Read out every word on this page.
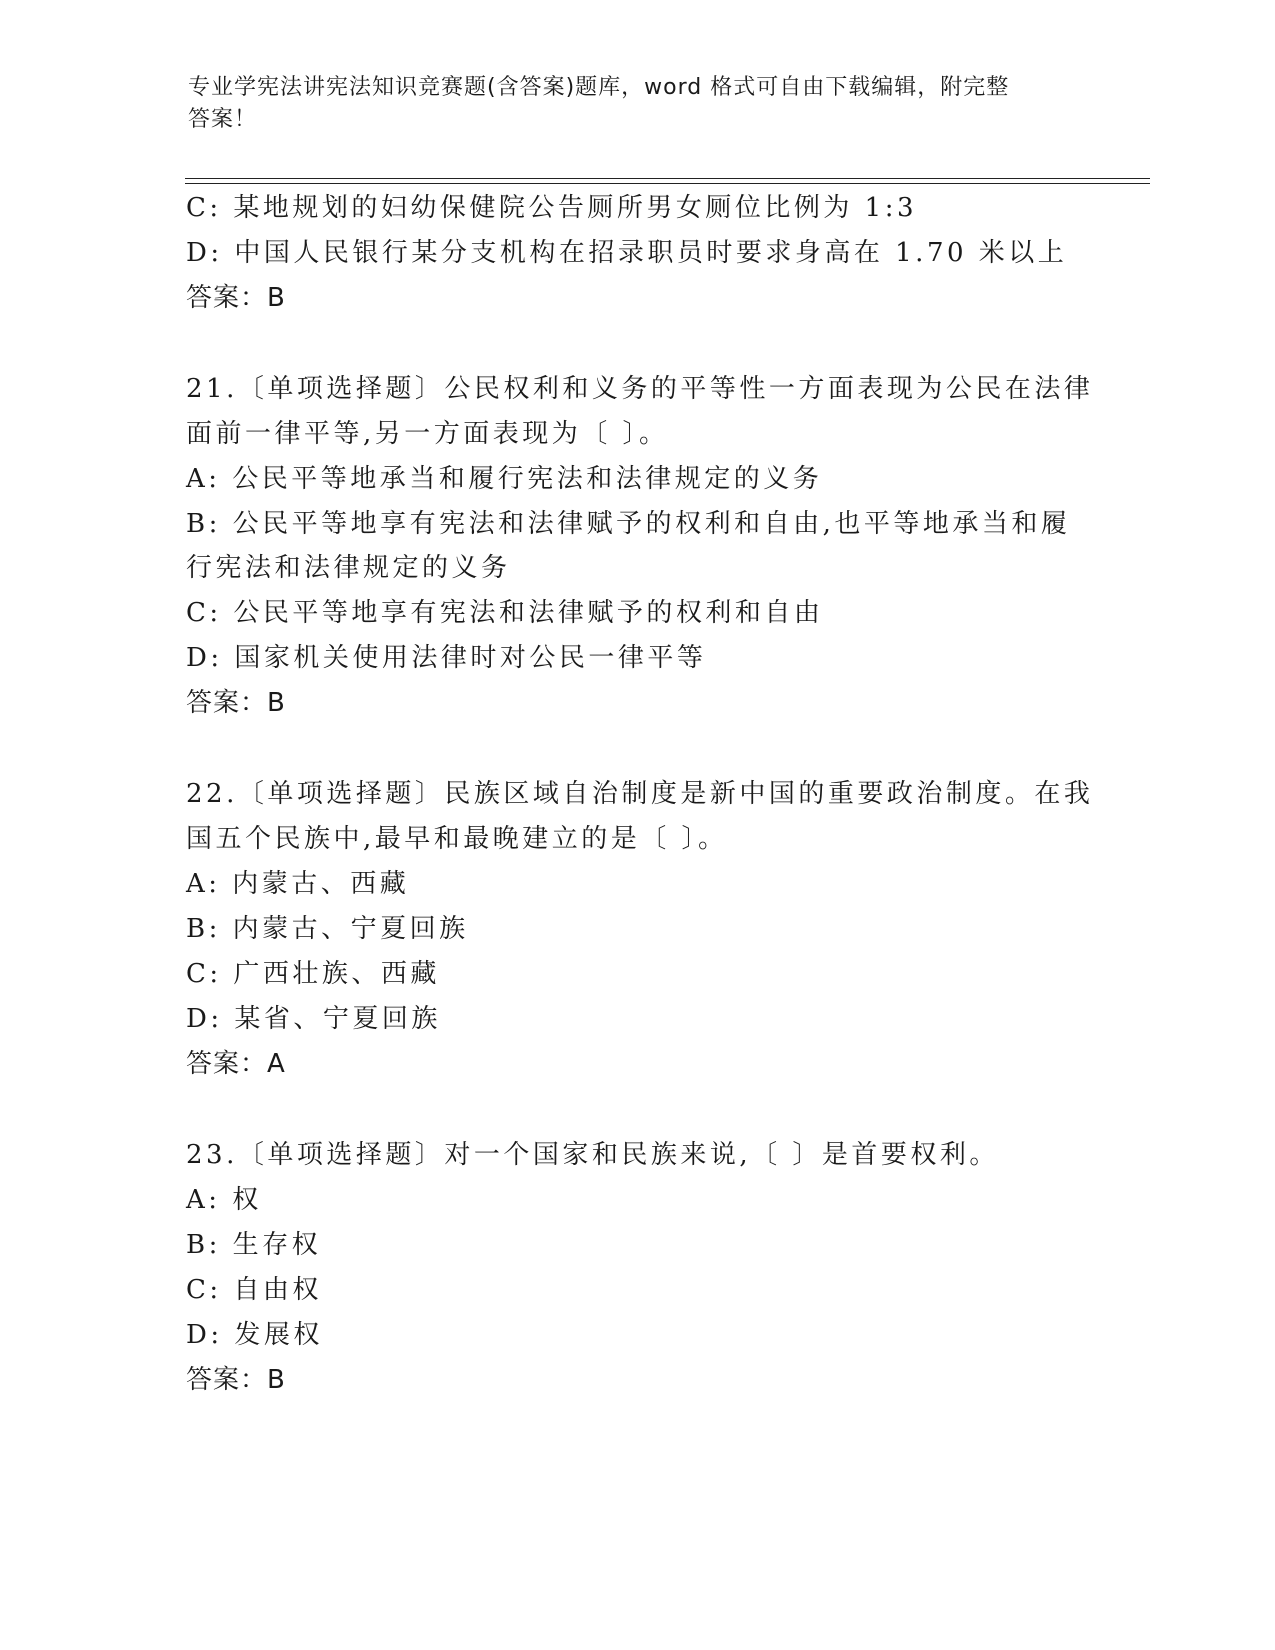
专业学宪法讲宪法知识竞赛题(含答案)题库，word 格式可自由下载编辑，附完整
答案！
C: 某地规划的妇幼保健院公告厕所男女厕位比例为 1:3
D: 中国人民银行某分支机构在招录职员时要求身高在 1.70 米以上
答案：B
21.〔单项选择题〕公民权利和义务的平等性一方面表现为公民在法律
面前一律平等,另一方面表现为〔 〕。
A: 公民平等地承当和履行宪法和法律规定的义务
B: 公民平等地享有宪法和法律赋予的权利和自由,也平等地承当和履
行宪法和法律规定的义务
C: 公民平等地享有宪法和法律赋予的权利和自由
D: 国家机关使用法律时对公民一律平等
答案：B
22.〔单项选择题〕民族区域自治制度是新中国的重要政治制度。在我
国五个民族中,最早和最晚建立的是〔 〕。
A: 内蒙古、西藏
B: 内蒙古、宁夏回族
C: 广西壮族、西藏
D: 某省、宁夏回族
答案：A
23.〔单项选择题〕对一个国家和民族来说,〔 〕是首要权利。
A: 权
B: 生存权
C: 自由权
D: 发展权
答案：B
